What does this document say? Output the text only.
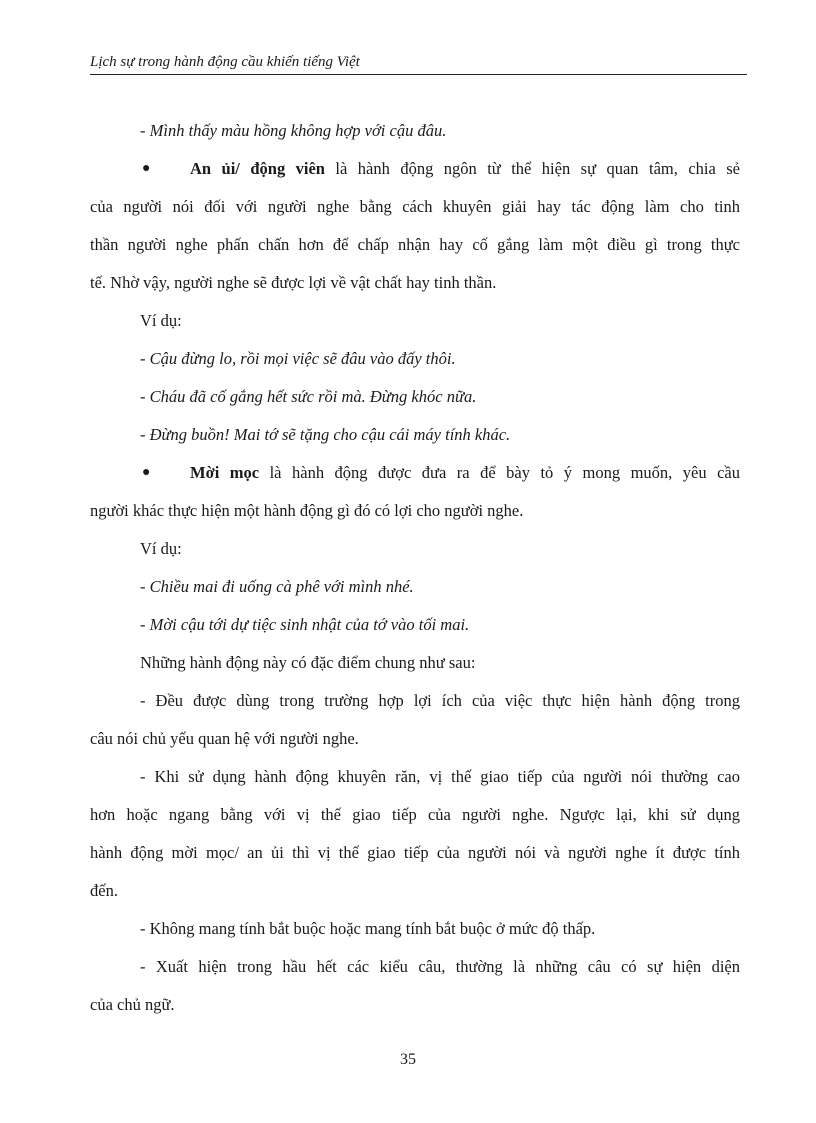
Lịch sự trong hành động cầu khiến tiếng Việt
- Mình thấy màu hồng không hợp với cậu đâu.
● An ủi/ động viên là hành động ngôn từ thể hiện sự quan tâm, chia sẻ
của người nói đối với người nghe bằng cách khuyên giải hay tác động làm cho tinh
thần người nghe phấn chấn hơn để chấp nhận hay cố gắng làm một điều gì trong thực
tế. Nhờ vậy, người nghe sẽ được lợi về vật chất hay tinh thần.
Ví dụ:
- Cậu đừng lo, rồi mọi việc sẽ đâu vào đấy thôi.
- Cháu đã cố gắng hết sức rồi mà. Đừng khóc nữa.
- Đừng buồn! Mai tớ sẽ tặng cho cậu cái máy tính khác.
● Mời mọc là hành động được đưa ra để bày tỏ ý mong muốn, yêu cầu
người khác thực hiện một hành động gì đó có lợi cho người nghe.
Ví dụ:
- Chiều mai đi uống cà phê với mình nhé.
- Mời cậu tới dự tiệc sinh nhật của tớ vào tối mai.
Những hành động này có đặc điểm chung như sau:
- Đều được dùng trong trường hợp lợi ích của việc thực hiện hành động trong
câu nói chủ yếu quan hệ với người nghe.
- Khi sử dụng hành động khuyên răn, vị thế giao tiếp của người nói thường cao
hơn hoặc ngang bằng với vị thế giao tiếp của người nghe. Ngược lại, khi sử dụng
hành động mời mọc/ an ủi thì vị thế giao tiếp của người nói và người nghe ít được tính
đến.
- Không mang tính bắt buộc hoặc mang tính bắt buộc ở mức độ thấp.
- Xuất hiện trong hầu hết các kiểu câu, thường là những câu có sự hiện diện
của chủ ngữ.
35
